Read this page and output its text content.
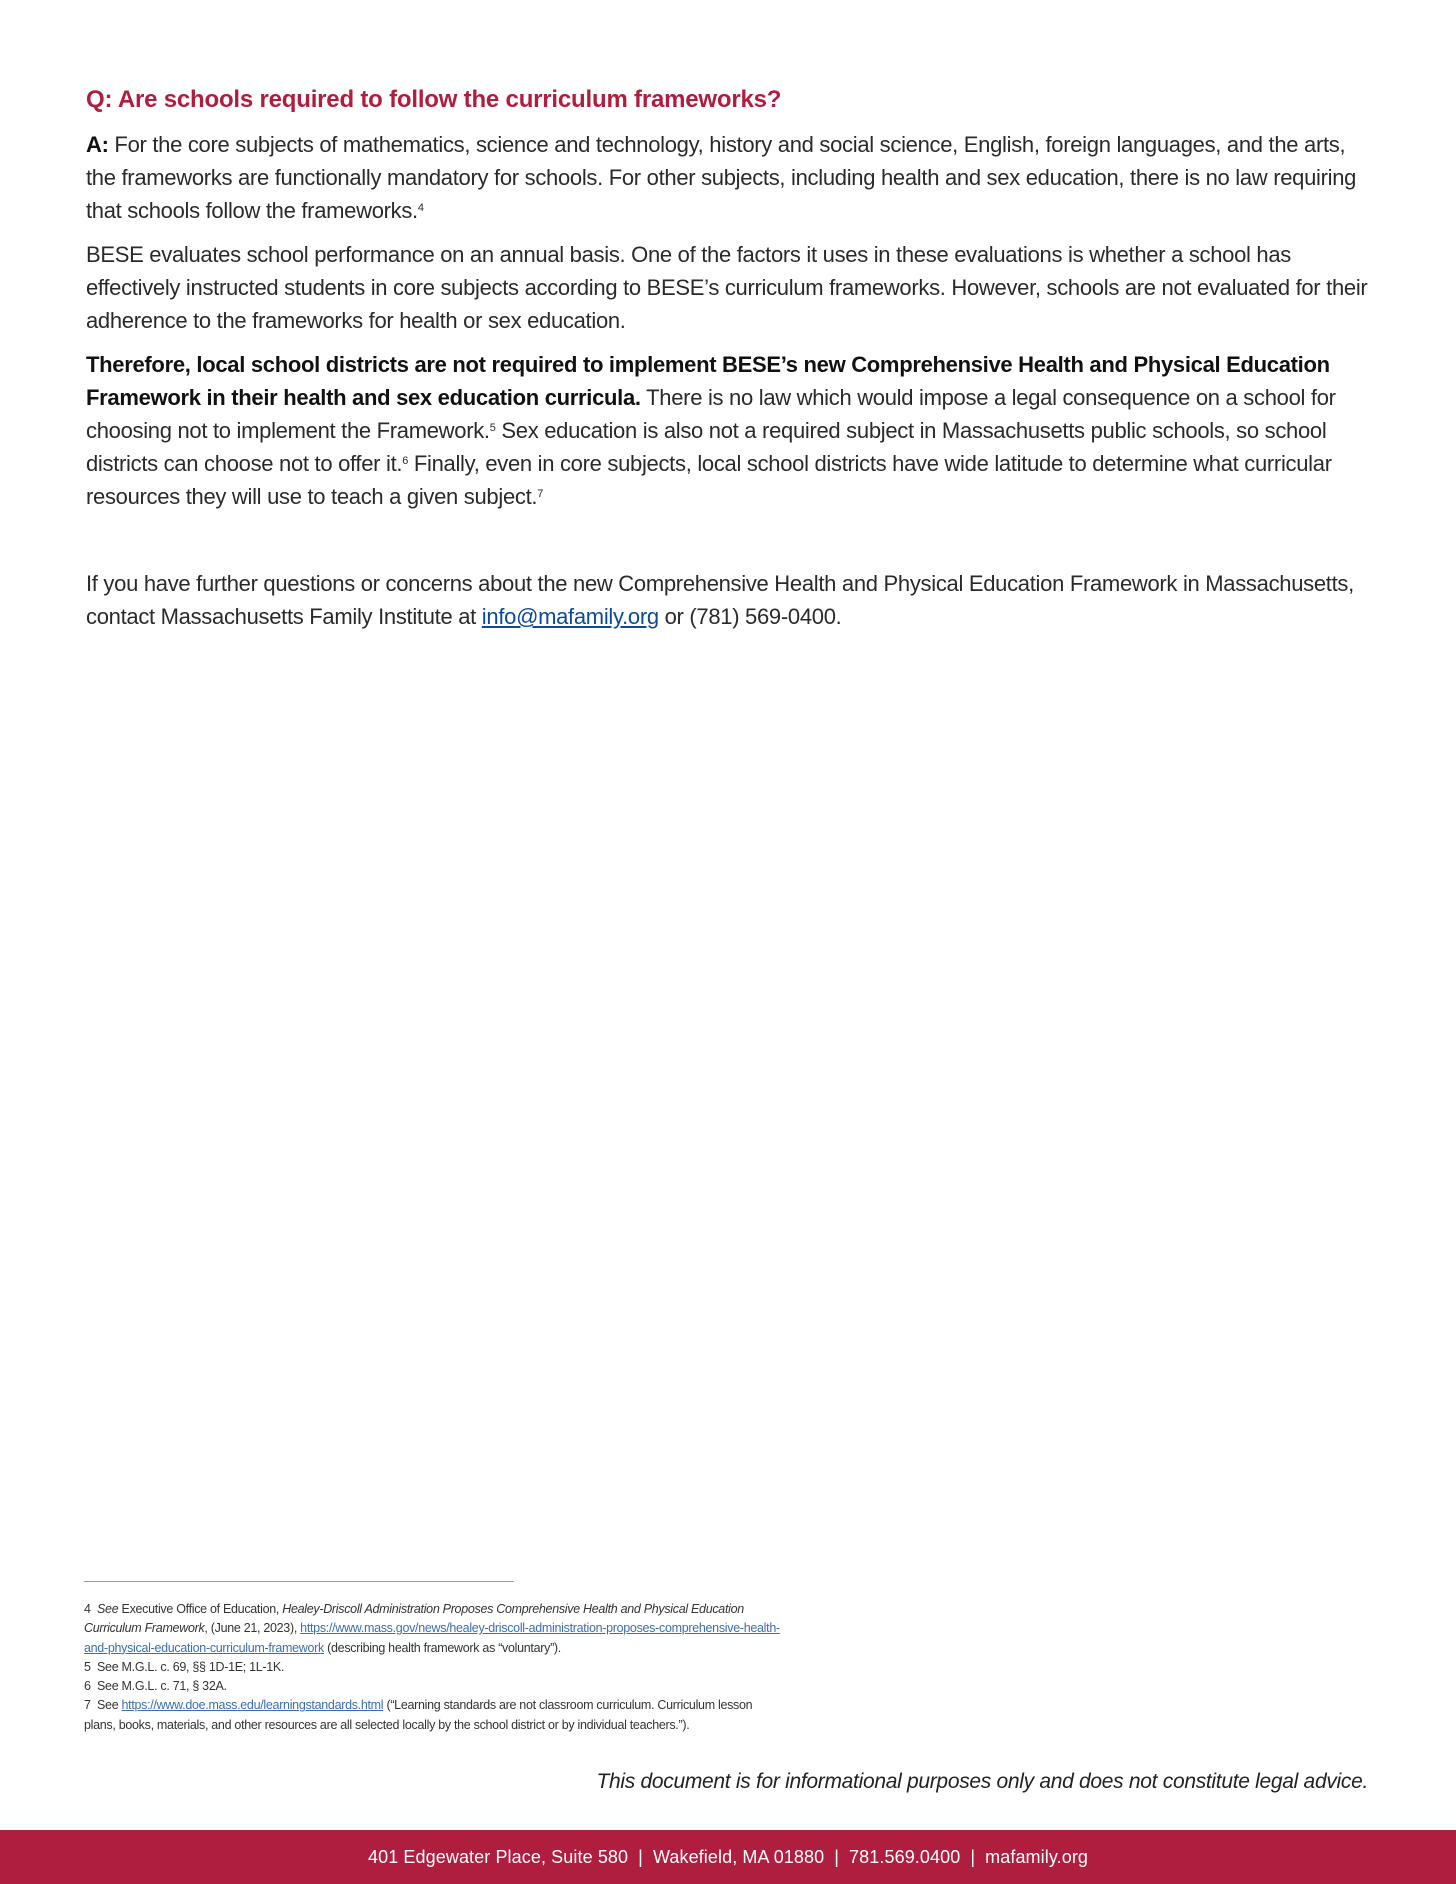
Q: Are schools required to follow the curriculum frameworks?

A: For the core subjects of mathematics, science and technology, history and social science, English, foreign languages, and the arts, the frameworks are functionally mandatory for schools. For other subjects, including health and sex education, there is no law requiring that schools follow the frameworks.$^4$

BESE evaluates school performance on an annual basis. One of the factors it uses in these evaluations is whether a school has effectively instructed students in core subjects according to BESE’s curriculum frameworks. However, schools are not evaluated for their adherence to the frameworks for health or sex education.

Therefore, local school districts are not required to implement BESE’s new Comprehensive Health and Physical Education Framework in their health and sex education curricula. There is no law which would impose a legal consequence on a school for choosing not to implement the Framework.$^5$ Sex education is also not a required subject in Massachusetts public schools, so school districts can choose not to offer it.$^6$ Finally, even in core subjects, local school districts have wide latitude to determine what curricular resources they will use to teach a given subject.$^7$

If you have further questions or concerns about the new Comprehensive Health and Physical Education Framework in Massachusetts, contact Massachusetts Family Institute at info@mafamily.org or (781) 569-0400.

4 See Executive Office of Education, Healey-Driscoll Administration Proposes Comprehensive Health and Physical Education Curriculum Framework, (June 21, 2023), https://www.mass.gov/news/healey-driscoll-administration-proposes-comprehensive-health-and-physical-education-curriculum-framework (describing health framework as “voluntary”).
5 See M.G.L. c. 69, §§ 1D-1E; 1L-1K.
6 See M.G.L. c. 71, § 32A.
7 See https://www.doe.mass.edu/learningstandards.html (“Learning standards are not classroom curriculum. Curriculum lesson plans, books, materials, and other resources are all selected locally by the school district or by individual teachers.”).
This document is for informational purposes only and does not constitute legal advice.
401 Edgewater Place, Suite 580 | Wakefield, MA 01880 | 781.569.0400 | mafamily.org
